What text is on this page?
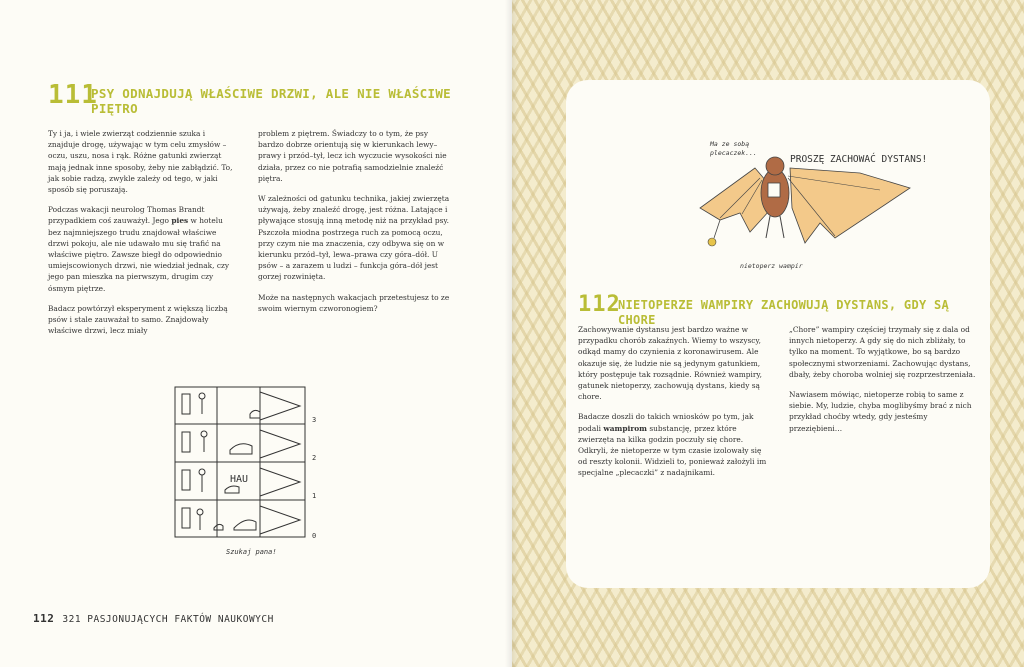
111
PSY ODNAJDUJĄ WŁAŚCIWE DRZWI, ALE NIE WŁAŚCIWE
PIĘTRO

Ty i ja, i wiele zwierząt codziennie szuka i znajduje drogę, używając w tym celu zmysłów – oczu, uszu, nosa i rąk. Różne gatunki zwierząt mają jednak inne sposoby, żeby nie zabłądzić. To, jak sobie radzą, zwykle zależy od tego, w jaki sposób się poruszają.

Podczas wakacji neurolog Thomas Brandt przypadkiem coś zauważył. Jego pies w hotelu bez najmniejszego trudu znajdował właściwe drzwi pokoju, ale nie udawało mu się trafić na właściwe piętro. Zawsze biegł do odpowiednio umiejscowionych drzwi, nie wiedział jednak, czy jego pan mieszka na pierwszym, drugim czy ósmym piętrze.

Badacz powtórzył eksperyment z większą liczbą psów i stale zauważał to samo. Znajdowały właściwe drzwi, lecz miały

problem z piętrem. Świadczy to o tym, że psy bardzo dobrze orientują się w kierunkach lewy–prawy i przód–tył, lecz ich wyczucie wysokości nie działa, przez co nie potrafią samodzielnie znaleźć piętra.

W zależności od gatunku technika, jakiej zwierzęta używają, żeby znaleźć drogę, jest różna. Latające i pływające stosują inną metodę niż na przykład psy. Pszczoła miodna postrzega ruch za pomocą oczu, przy czym nie ma znaczenia, czy odbywa się on w kierunku przód–tył, lewa–prawa czy góra–dół. U psów – a zarazem u ludzi – funkcja góra–dół jest gorzej rozwinięta.

Może na następnych wakacjach przetestujesz to ze swoim wiernym czworonogiem?

HAU
3
2
1
0
Szukaj pana!
112 321 PASJONUJĄCYCH FAKTÓW NAUKOWYCH
Ma ze sobą
plecaczek...
PROSZĘ ZACHOWAĆ DYSTANS!
nietoperz wampir
112
NIETOPERZE WAMPIRY ZACHOWUJĄ DYSTANS, GDY SĄ CHORE

Zachowywanie dystansu jest bardzo ważne w przypadku chorób zakaźnych. Wiemy to wszyscy, odkąd mamy do czynienia z koronawirusem. Ale okazuje się, że ludzie nie są jedynym gatunkiem, który postępuje tak rozsądnie. Również wampiry, gatunek nietoperzy, zachowują dystans, kiedy są chore.

Badacze doszli do takich wniosków po tym, jak podali wampirom substancję, przez które zwierzęta na kilka godzin poczuły się chore. Odkryli, że nietoperze w tym czasie izolowały się od reszty kolonii. Widzieli to, ponieważ założyli im specjalne „plecaczki” z nadajnikami.

„Chore” wampiry częściej trzymały się z dala od innych nietoperzy. A gdy się do nich zbliżały, to tylko na moment. To wyjątkowe, bo są bardzo społecznymi stworzeniami. Zachowując dystans, dbały, żeby choroba wolniej się rozprzestrzeniała.

Nawiasem mówiąc, nietoperze robią to same z siebie. My, ludzie, chyba moglibyśmy brać z nich przykład choćby wtedy, gdy jesteśmy przeziębieni…
